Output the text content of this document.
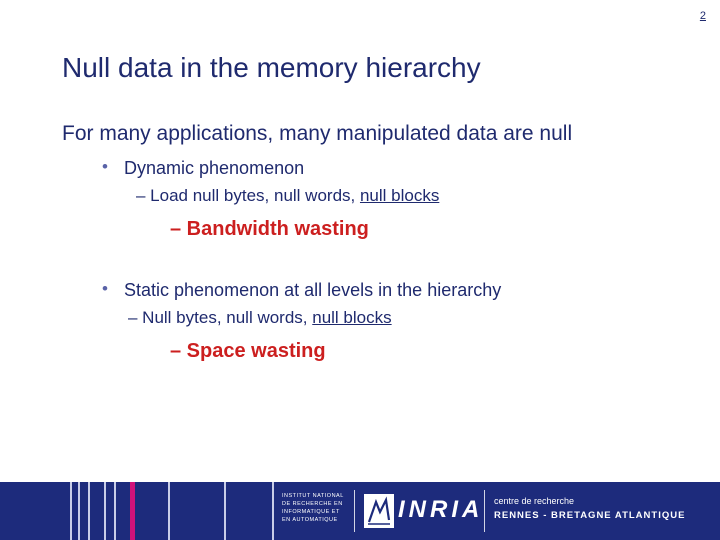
2
Null data in the memory hierarchy
For many applications, many manipulated data are null
• Dynamic phenomenon
– Load null bytes, null words, null blocks
– Bandwidth wasting
• Static phenomenon at all levels in the hierarchy
– Null bytes, null words, null blocks
– Space wasting
INSTITUT NATIONAL DE RECHERCHE EN INFORMATIQUE ET EN AUTOMATIQUE	INRIA centre de recherche
RENNES - BRETAGNE ATLANTIQUE
